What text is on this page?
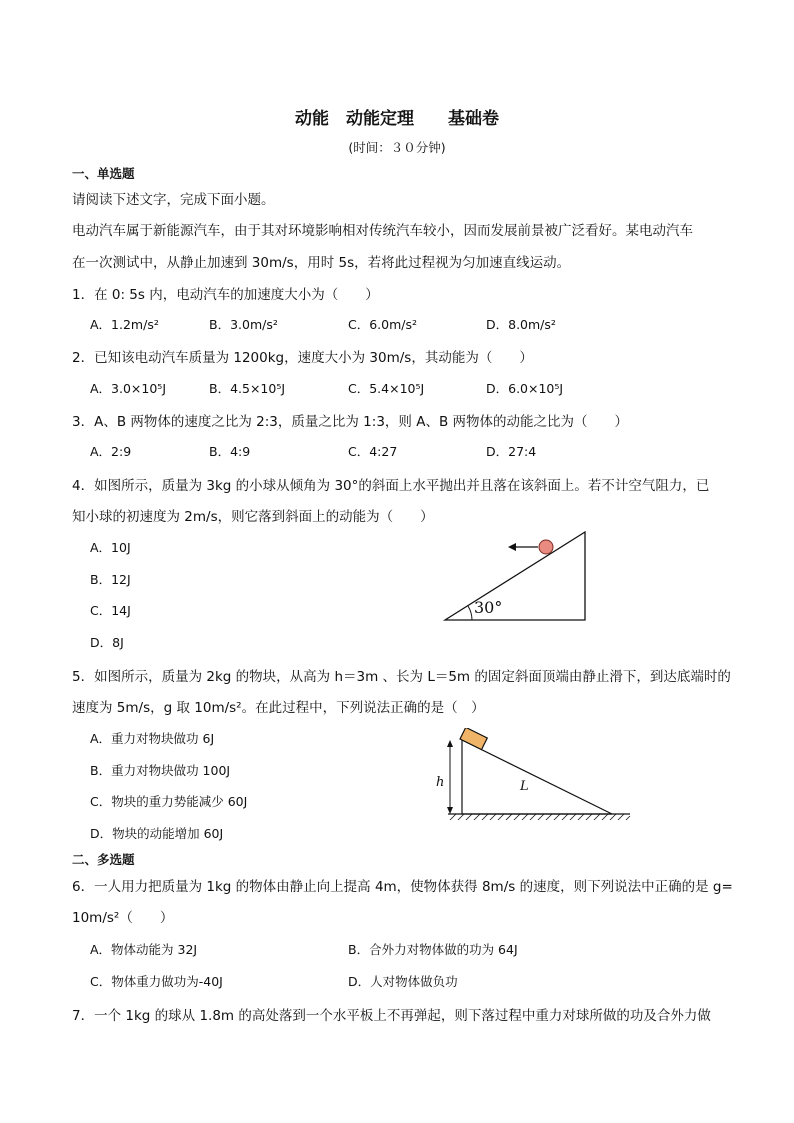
动能　动能定理　　基础卷
(时间：３０分钟)
一、单选题
请阅读下述文字，完成下面小题。
电动汽车属于新能源汽车，由于其对环境影响相对传统汽车较小，因而发展前景被广泛看好。某电动汽车
在一次测试中，从静止加速到 30m/s，用时 5s，若将此过程视为匀加速直线运动。
1．在 0: 5s 内，电动汽车的加速度大小为（　　）
A．1.2m/s²	B．3.0m/s²	C．6.0m/s²	D．8.0m/s²
2．已知该电动汽车质量为 1200kg，速度大小为 30m/s，其动能为（　　）
A．3.0×10⁵J	B．4.5×10⁵J	C．5.4×10⁵J	D．6.0×10⁵J
3．A、B 两物体的速度之比为 2:3，质量之比为 1:3，则 A、B 两物体的动能之比为（　　）
A．2:9	B．4:9	C．4:27	D．27:4
4．如图所示，质量为 3kg 的小球从倾角为 30°的斜面上水平抛出并且落在该斜面上。若不计空气阻力，已
知小球的初速度为 2m/s，则它落到斜面上的动能为（　　）
A．10J
B．12J
C．14J
D．8J
30°
5．如图所示，质量为 2kg 的物块，从高为 h＝3m 、长为 L＝5m 的固定斜面顶端由静止滑下，到达底端时的
速度为 5m/s，g 取 10m/s²。在此过程中，下列说法正确的是（　）
A．重力对物块做功 6J
B．重力对物块做功 100J
C．物块的重力势能减少 60J
D．物块的动能增加 60J
h	L
二、多选题
6．一人用力把质量为 1kg 的物体由静止向上提高 4m，使物体获得 8m/s 的速度，则下列说法中正确的是 g=
10m/s²（　　）
A．物体动能为 32J	B．合外力对物体做的功为 64J
C．物体重力做功为-40J	D．人对物体做负功
7．一个 1kg 的球从 1.8m 的高处落到一个水平板上不再弹起，则下落过程中重力对球所做的功及合外力做
